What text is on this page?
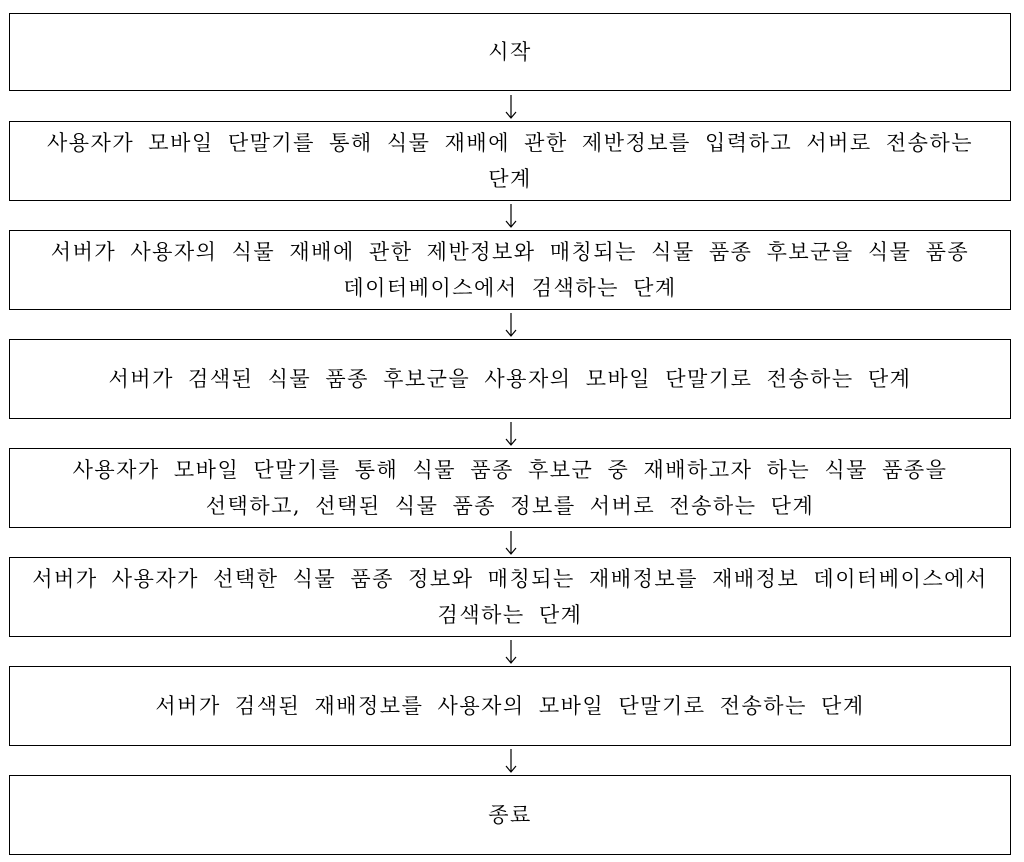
시작
사용자가 모바일 단말기를 통해 식물 재배에 관한 제반정보를 입력하고 서버로 전송하는
단계
서버가 사용자의 식물 재배에 관한 제반정보와 매칭되는 식물 품종 후보군을 식물 품종
데이터베이스에서 검색하는 단계
서버가 검색된 식물 품종 후보군을 사용자의 모바일 단말기로 전송하는 단계
사용자가 모바일 단말기를 통해 식물 품종 후보군 중 재배하고자 하는 식물 품종을
선택하고, 선택된 식물 품종 정보를 서버로 전송하는 단계
서버가 사용자가 선택한 식물 품종 정보와 매칭되는 재배정보를 재배정보 데이터베이스에서
검색하는 단계
서버가 검색된 재배정보를 사용자의 모바일 단말기로 전송하는 단계
종료
